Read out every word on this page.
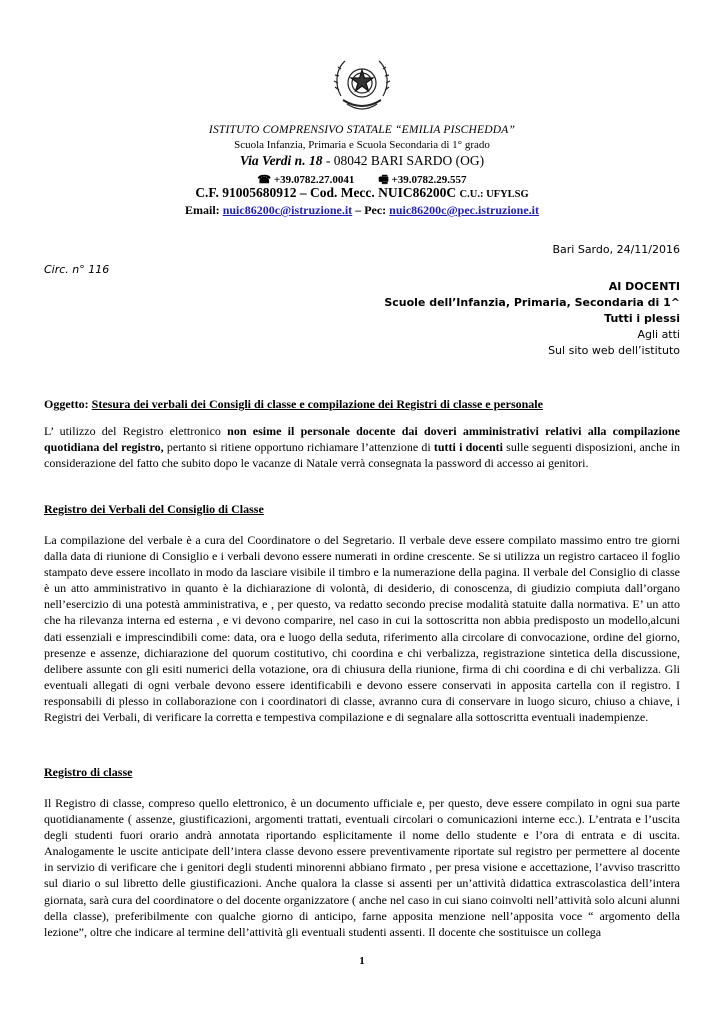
ISTITUTO COMPRENSIVO STATALE “EMILIA PISCHEDDA”
Scuola Infanzia, Primaria e Scuola Secondaria di 1° grado
Via Verdi n. 18 - 08042 BARI SARDO (OG)
☎ +39.0782.27.0041 🖷 +39.0782.29.557
C.F. 91005680912 – Cod. Mecc. NUIC86200C C.U.: UFYLSG
Email: nuic86200c@istruzione.it – Pec: nuic86200c@pec.istruzione.it
Bari Sardo, 24/11/2016
Circ. n° 116
AI DOCENTI
Scuole dell’Infanzia, Primaria, Secondaria di 1^
Tutti i plessi
Agli atti
Sul sito web dell’istituto
Oggetto: Stesura dei verbali dei Consigli di classe e compilazione dei Registri di classe e personale
L’ utilizzo del Registro elettronico non esime il personale docente dai doveri amministrativi relativi alla compilazione quotidiana del registro, pertanto si ritiene opportuno richiamare l’attenzione di tutti i docenti sulle seguenti disposizioni, anche in considerazione del fatto che subito dopo le vacanze di Natale verrà consegnata la password di accesso ai genitori.
Registro dei Verbali del Consiglio di Classe
La compilazione del verbale è a cura del Coordinatore o del Segretario. Il verbale deve essere compilato massimo entro tre giorni dalla data di riunione di Consiglio e i verbali devono essere numerati in ordine crescente. Se si utilizza un registro cartaceo il foglio stampato deve essere incollato in modo da lasciare visibile il timbro e la numerazione della pagina. Il verbale del Consiglio di classe è un atto amministrativo in quanto è la dichiarazione di volontà, di desiderio, di conoscenza, di giudizio compiuta dall’organo nell’esercizio di una potestà amministrativa, e , per questo, va redatto secondo precise modalità statuite dalla normativa. E’ un atto che ha rilevanza interna ed esterna , e vi devono comparire, nel caso in cui la sottoscritta non abbia predisposto un modello,alcuni dati essenziali e imprescindibili come: data, ora e luogo della seduta, riferimento alla circolare di convocazione, ordine del giorno, presenze e assenze, dichiarazione del quorum costitutivo, chi coordina e chi verbalizza, registrazione sintetica della discussione, delibere assunte con gli esiti numerici della votazione, ora di chiusura della riunione, firma di chi coordina e di chi verbalizza. Gli eventuali allegati di ogni verbale devono essere identificabili e devono essere conservati in apposita cartella con il registro. I responsabili di plesso in collaborazione con i coordinatori di classe, avranno cura di conservare in luogo sicuro, chiuso a chiave, i Registri dei Verbali, di verificare la corretta e tempestiva compilazione e di segnalare alla sottoscritta eventuali inadempienze.
Registro di classe
Il Registro di classe, compreso quello elettronico, è un documento ufficiale e, per questo, deve essere compilato in ogni sua parte quotidianamente ( assenze, giustificazioni, argomenti trattati, eventuali circolari o comunicazioni interne ecc.). L’entrata e l’uscita degli studenti fuori orario andrà annotata riportando esplicitamente il nome dello studente e l’ora di entrata e di uscita. Analogamente le uscite anticipate dell’intera classe devono essere preventivamente riportate sul registro per permettere al docente in servizio di verificare che i genitori degli studenti minorenni abbiano firmato , per presa visione e accettazione, l’avviso trascritto sul diario o sul libretto delle giustificazioni. Anche qualora la classe si assenti per un’attività didattica extrascolastica dell’intera giornata, sarà cura del coordinatore o del docente organizzatore ( anche nel caso in cui siano coinvolti nell’attività solo alcuni alunni della classe), preferibilmente con qualche giorno di anticipo, farne apposita menzione nell’apposita voce “ argomento della lezione”, oltre che indicare al termine dell’attività gli eventuali studenti assenti. Il docente che sostituisce un collega
1
